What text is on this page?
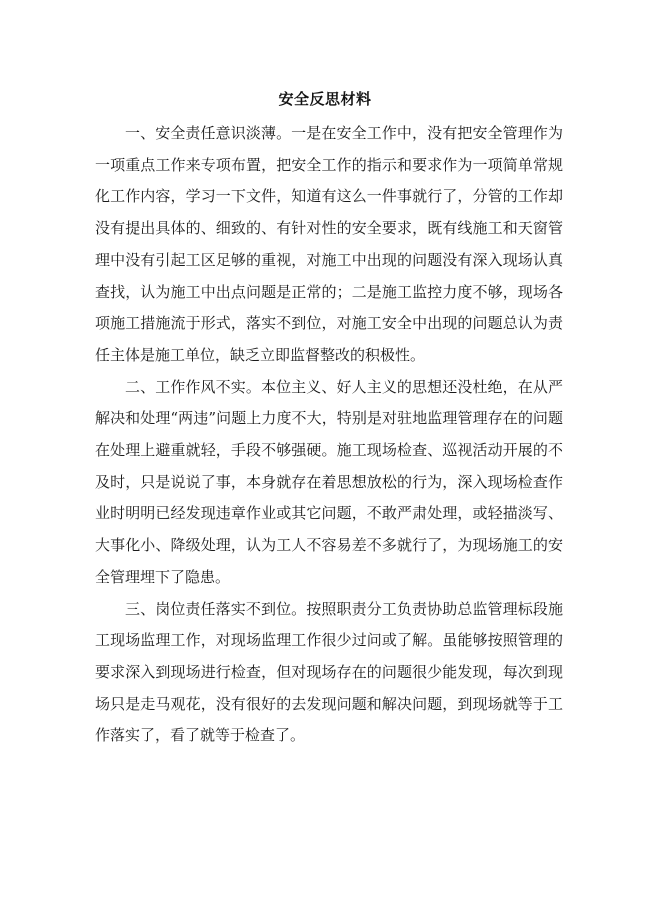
安全反思材料

一、安全责任意识淡薄。一是在安全工作中，没有把安全管理作为一项重点工作来专项布置，把安全工作的指示和要求作为一项简单常规化工作内容，学习一下文件，知道有这么一件事就行了，分管的工作却没有提出具体的、细致的、有针对性的安全要求，既有线施工和天窗管理中没有引起工区足够的重视，对施工中出现的问题没有深入现场认真查找，认为施工中出点问题是正常的；二是施工监控力度不够，现场各项施工措施流于形式，落实不到位，对施工安全中出现的问题总认为责任主体是施工单位，缺乏立即监督整改的积极性。

二、工作作风不实。本位主义、好人主义的思想还没杜绝，在从严解决和处理“两违”问题上力度不大，特别是对驻地监理管理存在的问题在处理上避重就轻，手段不够强硬。施工现场检查、巡视活动开展的不及时，只是说说了事，本身就存在着思想放松的行为，深入现场检查作业时明明已经发现违章作业或其它问题，不敢严肃处理，或轻描淡写、大事化小、降级处理，认为工人不容易差不多就行了，为现场施工的安全管理埋下了隐患。

三、岗位责任落实不到位。按照职责分工负责协助总监管理标段施工现场监理工作，对现场监理工作很少过问或了解。虽能够按照管理的要求深入到现场进行检查，但对现场存在的问题很少能发现，每次到现场只是走马观花，没有很好的去发现问题和解决问题，到现场就等于工作落实了，看了就等于检查了。
